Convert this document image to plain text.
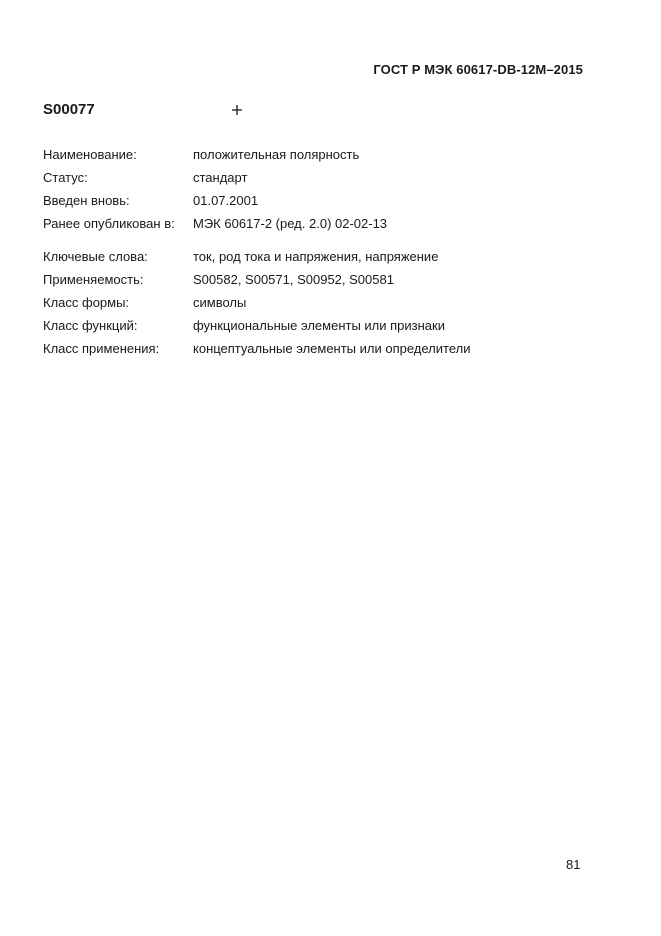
ГОСТ Р МЭК 60617-DB-12M–2015
S00077
Наименование:	положительная полярность
Статус:	стандарт
Введен вновь:	01.07.2001
Ранее опубликован в: МЭК 60617-2 (ред. 2.0) 02-02-13
Ключевые слова:	ток, род тока и напряжения, напряжение
Применяемость:	S00582, S00571, S00952, S00581
Класс формы:	символы
Класс функций:	функциональные элементы или признаки
Класс применения:	концептуальные элементы или определители
81
